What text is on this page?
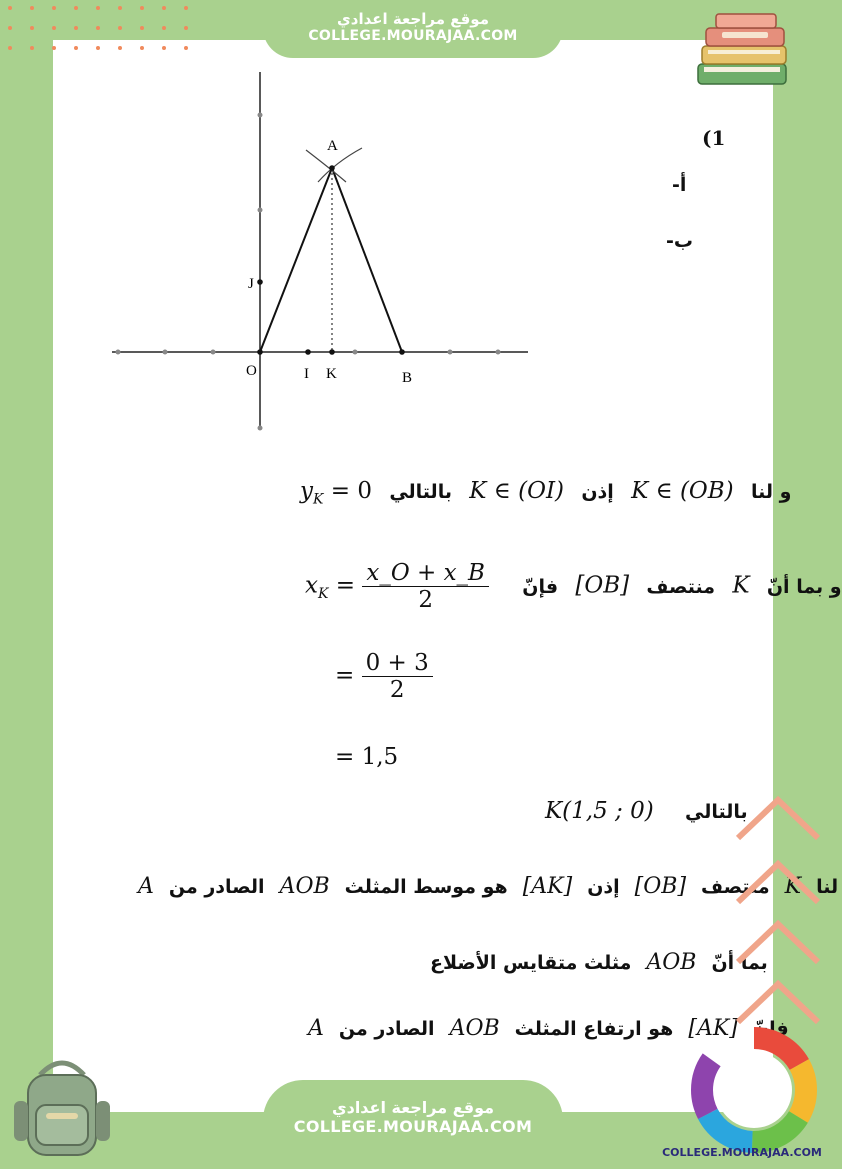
موقع مراجعة اعدادي
COLLEGE.MOURAJAA.COM
A
J
O	I K	B
(1
أ-
ب-
$y_K = 0$ بالتالي K ∈ (OI) إذن K ∈ (OB) و لنا
$x_K = \frac{x\_O + x\_B}{2}$ فإنّ [OB] منتصف K و بما أنّ
= $\frac{0 + 3}{2}$
= 1,5
K(1,5 ; 0) بالتالي
A الصادر من AOB هو موسط المثلث [AK] إذن [OB] منتصف K لنا
مثلث متقايس الأضلاع AOB بما أنّ
A الصادر من AOB هو ارتفاع المثلث [AK] فإنّ
موقع مراجعة اعدادي
COLLEGE.MOURAJAA.COM
COLLEGE.MOURAJAA.COM
